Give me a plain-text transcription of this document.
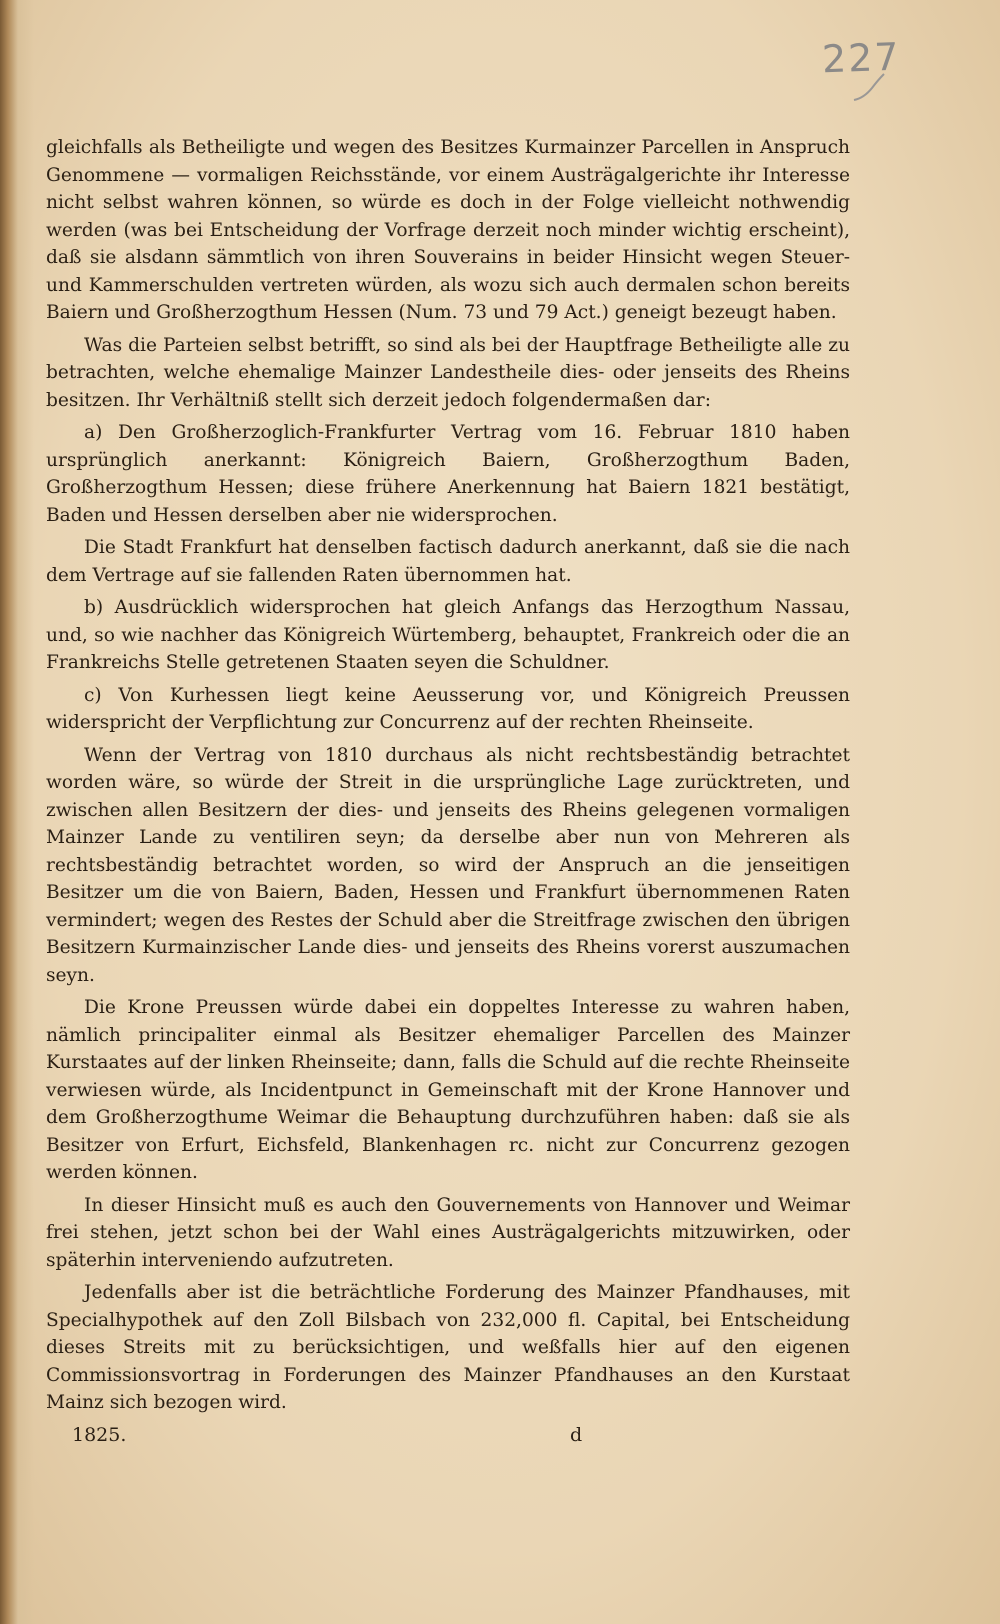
227

gleichfalls als Betheiligte und wegen des Besitzes Kurmainzer Parcellen in Anspruch Genommene — vormaligen Reichsstände, vor einem Austrägalgerichte ihr Interesse nicht selbst wahren können, so würde es doch in der Folge vielleicht nothwendig werden (was bei Entscheidung der Vorfrage derzeit noch minder wichtig erscheint), daß sie alsdann sämmtlich von ihren Souverains in beider Hinsicht wegen Steuer- und Kammerschulden vertreten würden, als wozu sich auch dermalen schon bereits Baiern und Großherzogthum Hessen (Num. 73 und 79 Act.) geneigt bezeugt haben.

Was die Parteien selbst betrifft, so sind als bei der Hauptfrage Betheiligte alle zu betrachten, welche ehemalige Mainzer Landestheile dies- oder jenseits des Rheins besitzen. Ihr Verhältniß stellt sich derzeit jedoch folgendermaßen dar:

a) Den Großherzoglich-Frankfurter Vertrag vom 16. Februar 1810 haben ursprünglich anerkannt: Königreich Baiern, Großherzogthum Baden, Großherzogthum Hessen; diese frühere Anerkennung hat Baiern 1821 bestätigt, Baden und Hessen derselben aber nie widersprochen.

Die Stadt Frankfurt hat denselben factisch dadurch anerkannt, daß sie die nach dem Vertrage auf sie fallenden Raten übernommen hat.

b) Ausdrücklich widersprochen hat gleich Anfangs das Herzogthum Nassau, und, so wie nachher das Königreich Würtemberg, behauptet, Frankreich oder die an Frankreichs Stelle getretenen Staaten seyen die Schuldner.

c) Von Kurhessen liegt keine Aeusserung vor, und Königreich Preussen widerspricht der Verpflichtung zur Concurrenz auf der rechten Rheinseite.

Wenn der Vertrag von 1810 durchaus als nicht rechtsbeständig betrachtet worden wäre, so würde der Streit in die ursprüngliche Lage zurücktreten, und zwischen allen Besitzern der dies- und jenseits des Rheins gelegenen vormaligen Mainzer Lande zu ventiliren seyn; da derselbe aber nun von Mehreren als rechtsbeständig betrachtet worden, so wird der Anspruch an die jenseitigen Besitzer um die von Baiern, Baden, Hessen und Frankfurt übernommenen Raten vermindert; wegen des Restes der Schuld aber die Streitfrage zwischen den übrigen Besitzern Kurmainzischer Lande dies- und jenseits des Rheins vorerst auszumachen seyn.

Die Krone Preussen würde dabei ein doppeltes Interesse zu wahren haben, nämlich principaliter einmal als Besitzer ehemaliger Parcellen des Mainzer Kurstaates auf der linken Rheinseite; dann, falls die Schuld auf die rechte Rheinseite verwiesen würde, als Incidentpunct in Gemeinschaft mit der Krone Hannover und dem Großherzogthume Weimar die Behauptung durchzuführen haben: daß sie als Besitzer von Erfurt, Eichsfeld, Blankenhagen rc. nicht zur Concurrenz gezogen werden können.

In dieser Hinsicht muß es auch den Gouvernements von Hannover und Weimar frei stehen, jetzt schon bei der Wahl eines Austrägalgerichts mitzuwirken, oder späterhin interveniendo aufzutreten.

Jedenfalls aber ist die beträchtliche Forderung des Mainzer Pfandhauses, mit Specialhypothek auf den Zoll Bilsbach von 232,000 fl. Capital, bei Entscheidung dieses Streits mit zu berücksichtigen, und weßfalls hier auf den eigenen Commissionsvortrag in Forderungen des Mainzer Pfandhauses an den Kurstaat Mainz sich bezogen wird.

1825.	d
